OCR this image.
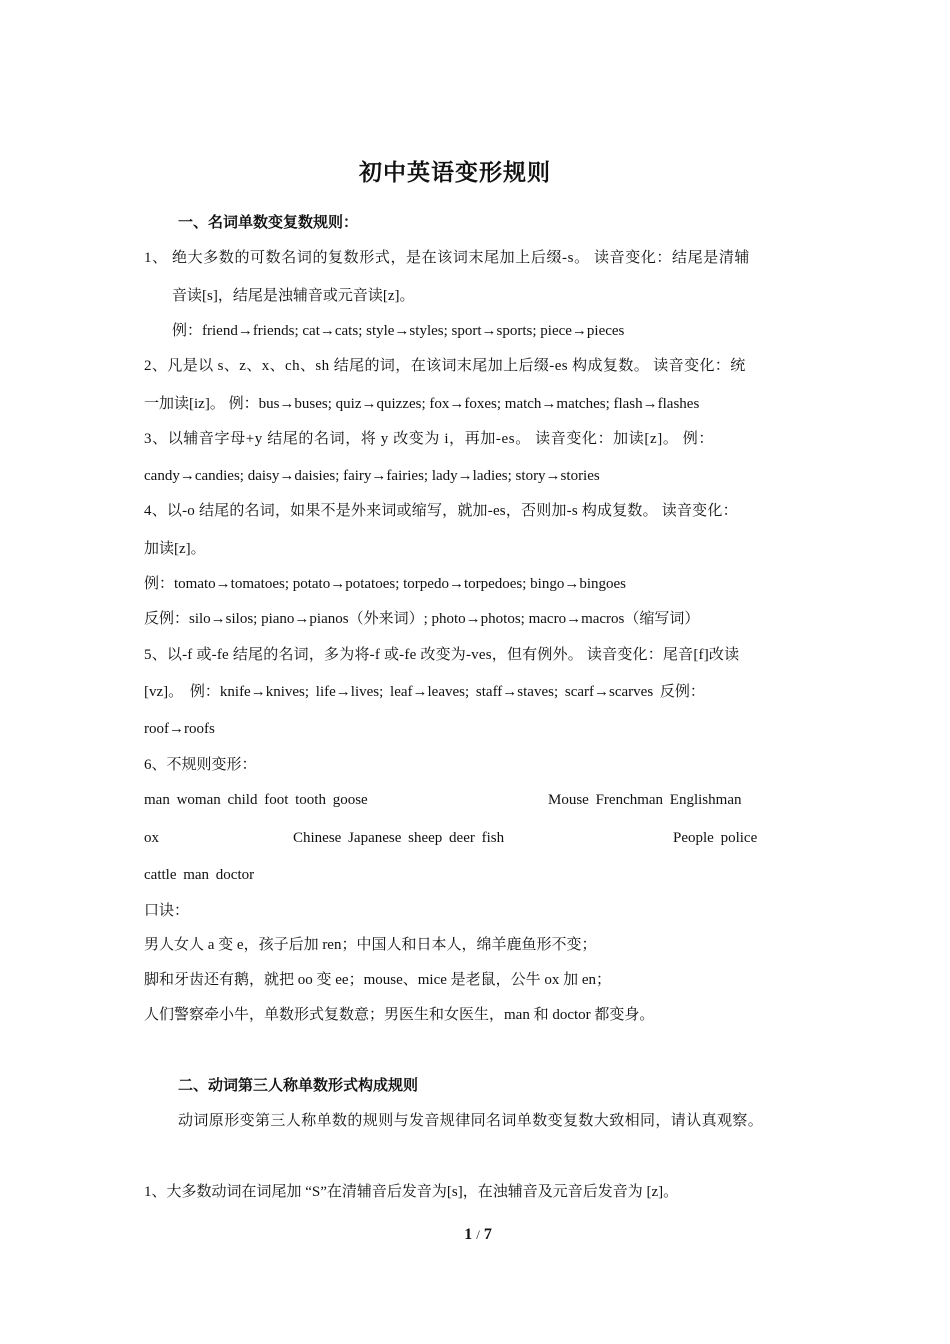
初中英语变形规则
一、名词单数变复数规则：
1、 绝大多数的可数名词的复数形式，是在该词末尾加上后缀-s。 读音变化：结尾是清辅
音读[s]，结尾是浊辅音或元音读[z]。
例：friend→friends; cat→cats; style→styles; sport→sports; piece→pieces
2、凡是以 s、z、x、ch、sh 结尾的词，在该词末尾加上后缀-es 构成复数。 读音变化：统
一加读[iz]。 例：bus→buses; quiz→quizzes; fox→foxes; match→matches; flash→flashes
3、以辅音字母+y 结尾的名词，将 y 改变为 i，再加-es。 读音变化：加读[z]。 例：
candy→candies; daisy→daisies; fairy→fairies; lady→ladies; story→stories
4、以-o 结尾的名词，如果不是外来词或缩写，就加-es，否则加-s 构成复数。 读音变化：
加读[z]。
例：tomato→tomatoes; potato→potatoes; torpedo→torpedoes; bingo→bingoes
反例：silo→silos; piano→pianos（外来词）; photo→photos; macro→macros（缩写词）
5、以-f 或-fe 结尾的名词，多为将-f 或-fe 改变为-ves，但有例外。 读音变化：尾音[f]改读
[vz]。 例：knife→knives; life→lives; leaf→leaves; staff→staves; scarf→scarves 反例：
roof→roofs
6、不规则变形：
man woman child foot tooth goose	Mouse Frenchman Englishman
ox	Chinese Japanese sheep deer fish	People police
cattle man doctor
口诀：
男人女人 a 变 e，孩子后加 ren；中国人和日本人，绵羊鹿鱼形不变；
脚和牙齿还有鹅，就把 oo 变 ee；mouse、mice 是老鼠，公牛 ox 加 en；
人们警察牵小牛，单数形式复数意；男医生和女医生，man 和 doctor 都变身。
二、动词第三人称单数形式构成规则
动词原形变第三人称单数的规则与发音规律同名词单数变复数大致相同，请认真观察。
1、大多数动词在词尾加 “S”在清辅音后发音为[s]，在浊辅音及元音后发音为 [z]。
1 / 7
